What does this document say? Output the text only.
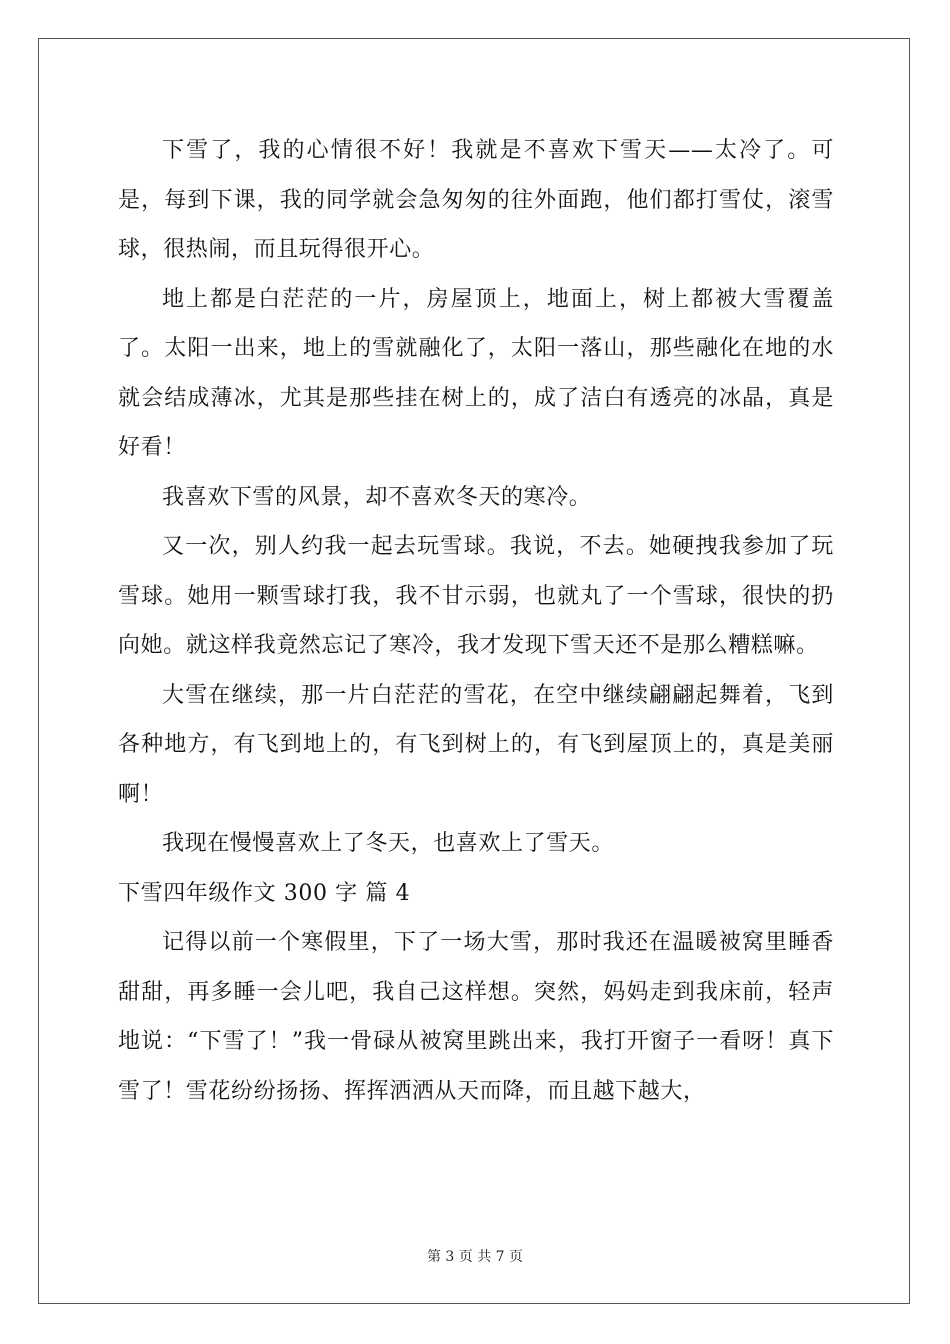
下雪了，我的心情很不好！我就是不喜欢下雪天——太冷了。可是，每到下课，我的同学就会急匆匆的往外面跑，他们都打雪仗，滚雪球，很热闹，而且玩得很开心。

地上都是白茫茫的一片，房屋顶上，地面上，树上都被大雪覆盖了。太阳一出来，地上的雪就融化了，太阳一落山，那些融化在地的水就会结成薄冰，尤其是那些挂在树上的，成了洁白有透亮的冰晶，真是好看！

我喜欢下雪的风景，却不喜欢冬天的寒冷。

又一次，别人约我一起去玩雪球。我说，不去。她硬拽我参加了玩雪球。她用一颗雪球打我，我不甘示弱，也就丸了一个雪球，很快的扔向她。就这样我竟然忘记了寒冷，我才发现下雪天还不是那么糟糕嘛。

大雪在继续，那一片白茫茫的雪花，在空中继续翩翩起舞着，飞到各种地方，有飞到地上的，有飞到树上的，有飞到屋顶上的，真是美丽啊！

我现在慢慢喜欢上了冬天，也喜欢上了雪天。

下雪四年级作文 300 字 篇 4

记得以前一个寒假里，下了一场大雪，那时我还在温暖被窝里睡香甜甜，再多睡一会儿吧，我自己这样想。突然，妈妈走到我床前，轻声地说：“下雪了！”我一骨碌从被窝里跳出来，我打开窗子一看呀！真下雪了！雪花纷纷扬扬、挥挥洒洒从天而降，而且越下越大，

第 3 页 共 7 页
